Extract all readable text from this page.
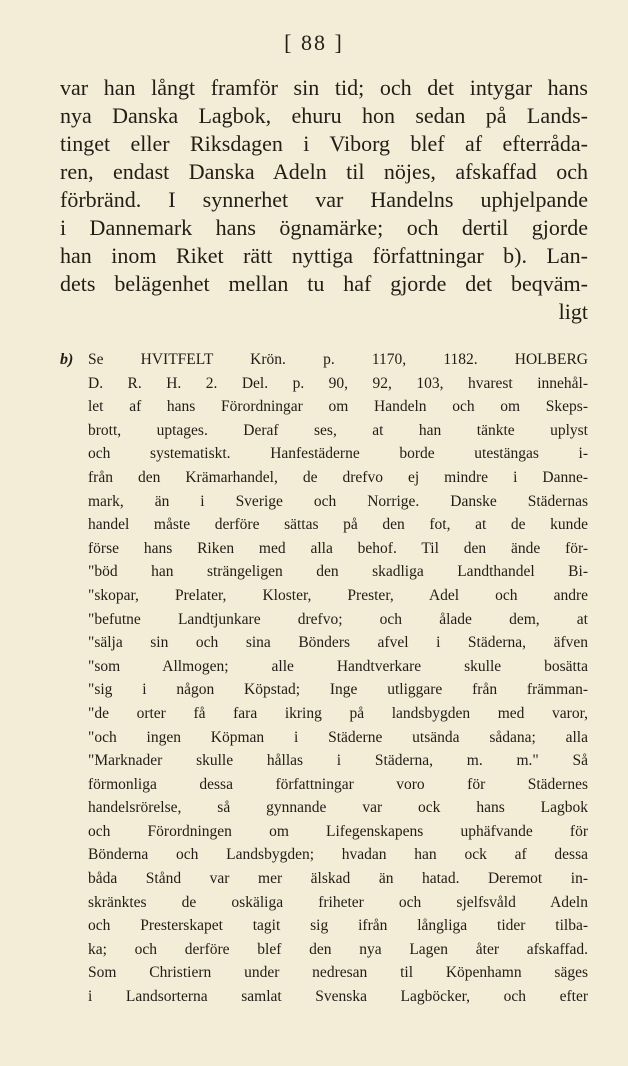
[ 88 ]
var han långt framför sin tid; och det intygar hans
nya Danska Lagbok, ehuru hon sedan på Lands-
tinget eller Riksdagen i Viborg blef af efterråda-
ren, endast Danska Adeln til nöjes, afskaffad och
förbränd. I synnerhet var Handelns uphjelpande
i Dannemark hans ögnamärke; och dertil gjorde
han inom Riket rätt nyttiga författningar b). Lan-
dets belägenhet mellan tu haf gjorde det beqväm-
ligt
b) Se HVITFELT Krön. p. 1170, 1182. HOLBERG
D. R. H. 2. Del. p. 90, 92, 103, hvarest innehål-
let af hans Förordningar om Handeln och om Skeps-
brott, uptages. Deraf ses, at han tänkte uplyst
och systematiskt. Hanfestäderne borde utestängas i-
från den Krämarhandel, de drefvo ej mindre i Danne-
mark, än i Sverige och Norrige. Danske Städernas
handel måste derföre sättas på den fot, at de kunde
förse hans Riken med alla behof. Til den ände för-
"böd han strängeligen den skadliga Landthandel Bi-
"skopar, Prelater, Kloster, Prester, Adel och andre
"befutne Landtjunkare drefvo; och ålade dem, at
"sälja sin och sina Bönders afvel i Städerna, äfven
"som Allmogen; alle Handtverkare skulle bosätta
"sig i någon Köpstad; Inge utliggare från främman-
"de orter få fara ikring på landsbygden med varor,
"och ingen Köpman i Städerne utsända sådana; alla
"Marknader skulle hållas i Städerna, m. m." Så
förmonliga dessa författningar voro för Städernes
handelsrörelse, så gynnande var ock hans Lagbok
och Förordningen om Lifegenskapens uphäfvande för
Bönderna och Landsbygden; hvadan han ock af dessa
båda Stånd var mer älskad än hatad. Deremot in-
skränktes de oskäliga friheter och sjelfsvåld Adeln
och Presterskapet tagit sig ifrån långliga tider tilba-
ka; och derföre blef den nya Lagen åter afskaffad.
Som Christiern under nedresan til Köpenhamn säges
i Landsorterna samlat Svenska Lagböcker, och efter
